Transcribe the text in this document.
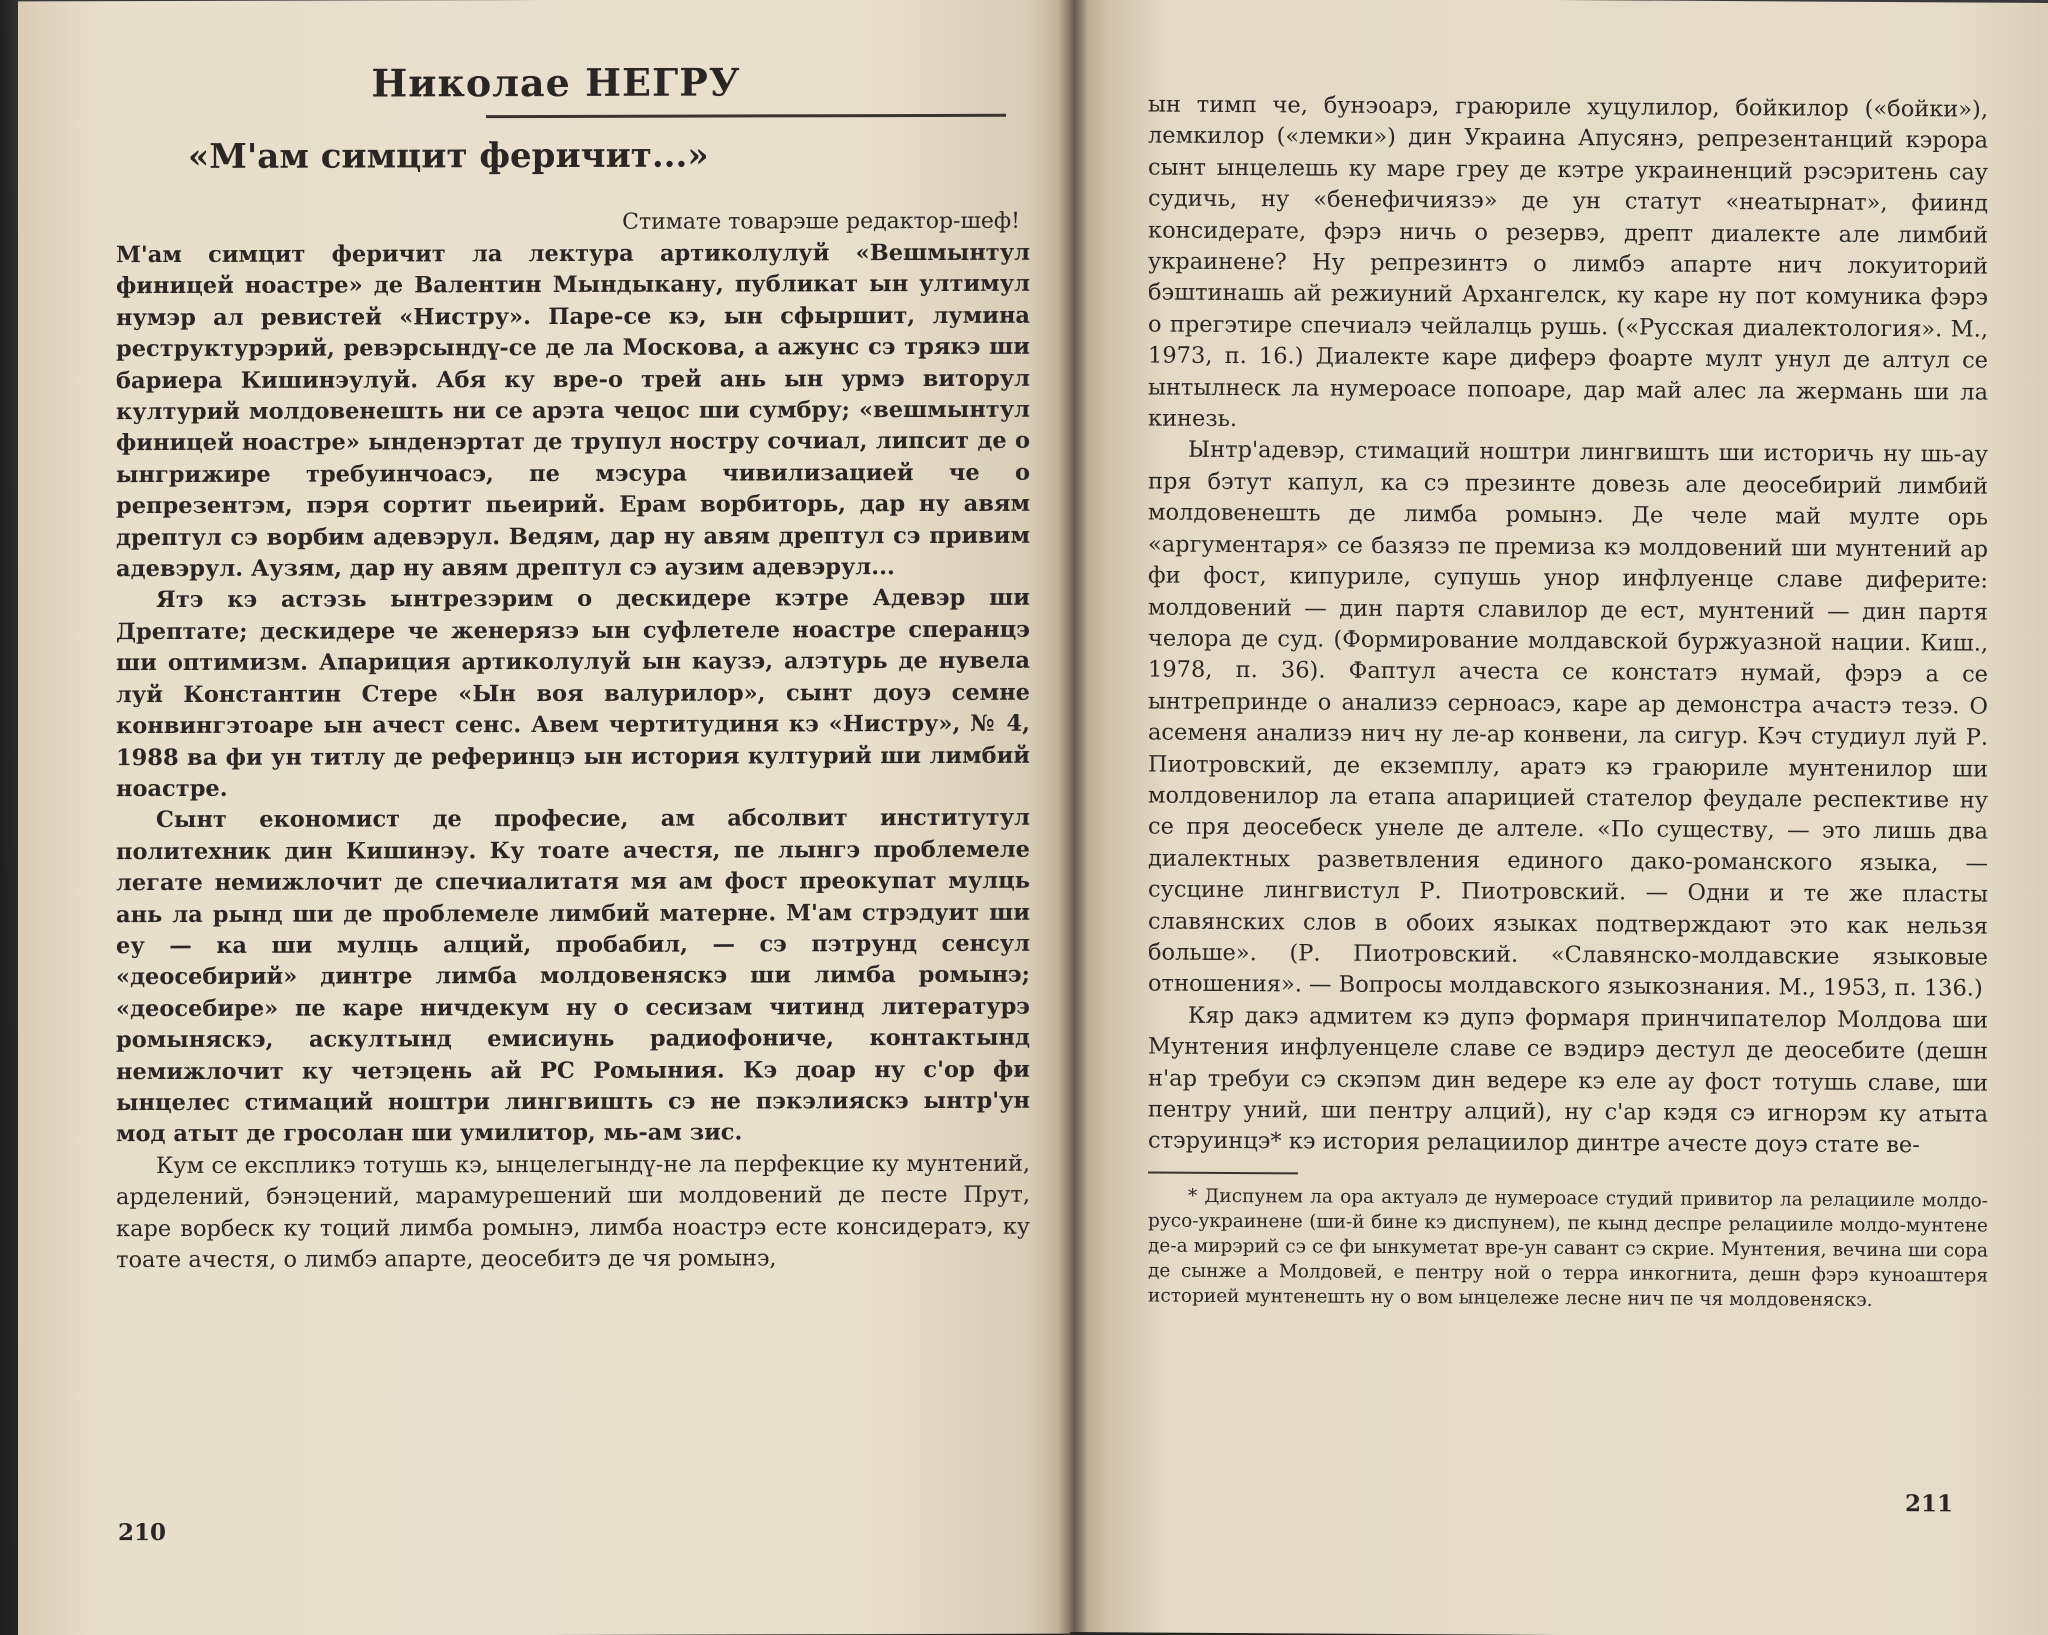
Николае НЕГРУ
«М'ам симцит феричит...»
Стимате товарэше редактор-шеф!

М'ам симцит феричит ла лектура артиколулуй «Вешмынтул финицей ноастре» де Валентин Мындыкану, публикат ын ултимул нумэр ал ревистей «Нистру». Паре-се кэ, ын сфыршит, лумина реструктурэрий, ревэрсындү-се де ла Москова, а ажунс сэ трякэ ши бариера Кишинэулуй. Абя ку вре-о трей ань ын урмэ виторул културий молдовенешть ни се арэта чецос ши сумбру; «вешмынтул финицей ноастре» ынденэртат де трупул ностру сочиал, липсит де о ынгрижире требуинчоасэ, пе мэсура чивилизацией че о репрезентэм, пэря сортит пьеирий. Ерам ворбиторь, дар ну авям дрептул сэ ворбим адевэрул. Ведям, дар ну авям дрептул сэ привим адевэрул. Аузям, дар ну авям дрептул сэ аузим адевэрул...

Ятэ кэ астэзь ынтрезэрим о дескидере кэтре Адевэр ши Дрептате; дескидере че женерязэ ын суфлетеле ноастре сперанцэ ши оптимизм. Апариция артиколулуй ын каузэ, алэтурь де нувела луй Константин Стере «Ын воя валурилор», сынт доуэ семне конвингэтоаре ын ачест сенс. Авем чертитудиня кэ «Нистру», № 4, 1988 ва фи ун титлу де реферинцэ ын история културий ши лимбий ноастре.

Сынт економист де професие, ам абсолвит институтул политехник дин Кишинэу. Ку тоате ачестя, пе лынгэ проблемеле легате немижлочит де спечиалитатя мя ам фост преокупат мулць ань ла рынд ши де проблемеле лимбий матерне. М'ам стрэдуит ши еу — ка ши мулць алций, пробабил, — сэ пэтрунд сенсул «деосебирий» динтре лимба молдовеняскэ ши лимба ромынэ; «деосебире» пе каре ничдекум ну о сесизам читинд литературэ ромыняскэ, аскултынд емисиунь радиофониче, контактынд немижлочит ку четэцень ай РС Ромыния. Кэ доар ну с'ор фи ынцелес стимаций ноштри лингвишть сэ не пэкэлияскэ ынтр'ун мод атыт де гросолан ши умилитор, мь-ам зис.

Кум се експликэ тотушь кэ, ынцелегындү-не ла перфекцие ку мунтений, арделений, бэнэцений, марамурешений ши молдовений де песте Прут, каре ворбеск ку тоций лимба ромынэ, лимба ноастрэ есте консидератэ, ку тоате ачестя, о лимбэ апарте, деосебитэ де чя ромынэ,

210

ын тимп че, бунэоарэ, граюриле хуцулилор, бойкилор («бойки»), лемкилор («лемки») дин Украина Апусянэ, репрезентанций кэрора сынт ынцелешь ку маре греу де кэтре украиненций рэсэритень сау судичь, ну «бенефичиязэ» де ун статут «неатырнат», фиинд консидерате, фэрэ ничь о резервэ, дрепт диалекте але лимбий украинене? Ну репрезинтэ о лимбэ апарте нич локуиторий бэштинашь ай режиуний Архангелск, ку каре ну пот комуника фэрэ о прегэтире спечиалэ чейлалць рушь. («Русская диалектология». М., 1973, п. 16.) Диалекте каре диферэ фоарте мулт унул де алтул се ынтылнеск ла нумероасе попоаре, дар май алес ла жермань ши ла кинезь.

Ынтр'адевэр, стимаций ноштри лингвишть ши историчь ну шь-ау пря бэтут капул, ка сэ презинте довезь але деосебирий лимбий молдовенешть де лимба ромынэ. Де челе май мулте орь «аргументаря» се базязэ пе премиза кэ молдовений ши мунтений ар фи фост, кипуриле, супушь унор инфлуенце славе диферите: молдовений — дин партя славилор де ест, мунтений — дин партя челора де суд. (Формирование молдавской буржуазной нации. Киш., 1978, п. 36). Фаптул ачеста се констатэ нумай, фэрэ а се ынтрепринде о анализэ серноасэ, каре ар демонстра ачастэ тезэ. О асеменя анализэ нич ну ле-ар конвени, ла сигур. Кэч студиул луй Р. Пиотровский, де екземплу, аратэ кэ граюриле мунтенилор ши молдовенилор ла етапа апарицией стателор феудале респективе ну се пря деосебеск унеле де алтеле. «По существу, — это лишь два диалектных разветвления единого дако-романского языка, — сусцине лингвистул Р. Пиотровский. — Одни и те же пласты славянских слов в обоих языках подтверждают это как нельзя больше». (Р. Пиотровский. «Славянско-молдавские языковые отношения». — Вопросы молдавского языкознания. М., 1953, п. 136.)

Кяр дакэ адмитем кэ дупэ формаря принчипателор Молдова ши Мунтения инфлуенцеле славе се вэдирэ дестул де деосебите (дешн н'ар требуи сэ скэпэм дин ведере кэ еле ау фост тотушь славе, ши пентру уний, ши пентру алций), ну с'ар кэдя сэ игнорэм ку атыта стэруинцэ* кэ история релациилор динтре ачесте доуэ стате ве-

* Диспунем ла ора актуалэ де нумероасе студий привитор ла релацииле молдо-русо-украинене (ши-й бине кэ диспунем), пе кынд деспре релацииле молдо-мунтене де-а мирэрий сэ се фи ынкуметат вре-ун савант сэ скрие. Мунтения, вечина ши сора де сынже а Молдовей, е пентру ной о терра инкогнита, дешн фэрэ куноаштеря историей мунтенешть ну о вом ынцележе лесне нич пе чя молдовеняскэ.

211
